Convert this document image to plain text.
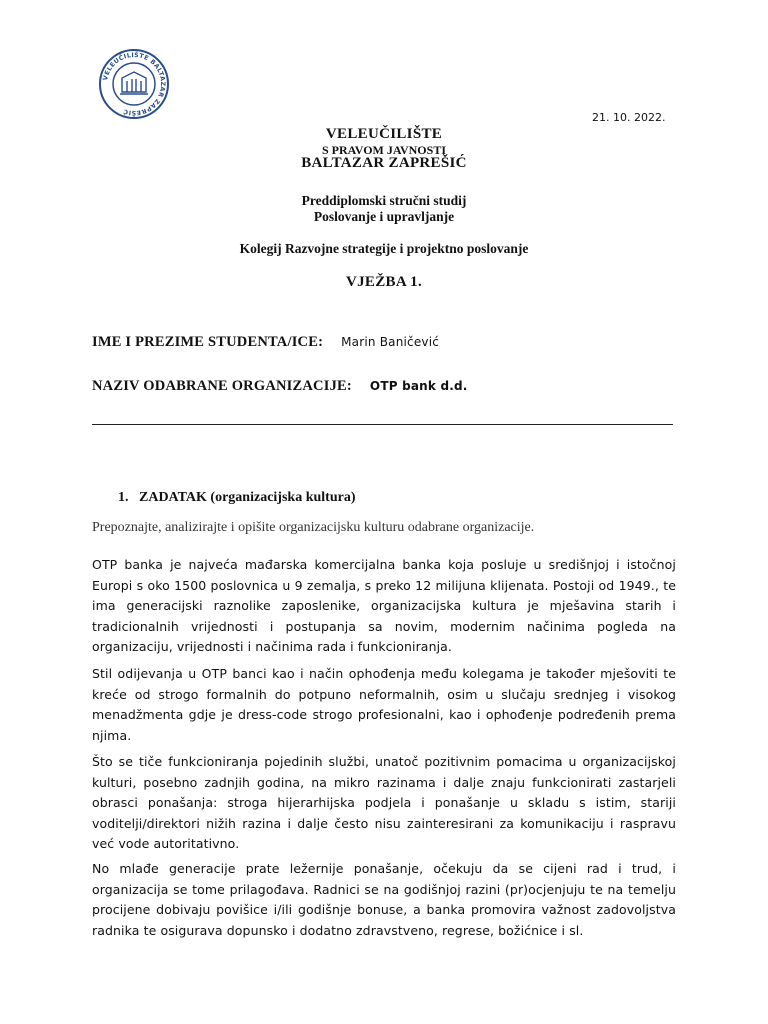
VELEUČILIŠTE BALTAZAR ZAPREŠIĆ	21. 10. 2022.
VELEUČILIŠTE
S PRAVOM JAVNOSTI
BALTAZAR ZAPREŠIĆ
Preddiplomski stručni studij
Poslovanje i upravljanje
Kolegij Razvojne strategije i projektno poslovanje
VJEŽBA 1.
IME I PREZIME STUDENTA/ICE: Marin Baničević
NAZIV ODABRANE ORGANIZACIJE: OTP bank d.d.
1. ZADATAK (organizacijska kultura)
Prepoznajte, analizirajte i opišite organizacijsku kulturu odabrane organizacije.
OTP banka je najveća mađarska komercijalna banka koja posluje u središnjoj i istočnoj Europi s oko 1500 poslovnica u 9 zemalja, s preko 12 milijuna klijenata. Postoji od 1949., te ima generacijski raznolike zaposlenike, organizacijska kultura je mješavina starih i tradicionalnih vrijednosti i postupanja sa novim, modernim načinima pogleda na organizaciju, vrijednosti i načinima rada i funkcioniranja.
Stil odijevanja u OTP banci kao i način ophođenja među kolegama je također mješoviti te kreće od strogo formalnih do potpuno neformalnih, osim u slučaju srednjeg i visokog menadžmenta gdje je dress-code strogo profesionalni, kao i ophođenje podređenih prema njima.
Što se tiče funkcioniranja pojedinih službi, unatoč pozitivnim pomacima u organizacijskoj kulturi, posebno zadnjih godina, na mikro razinama i dalje znaju funkcionirati zastarjeli obrasci ponašanja: stroga hijerarhijska podjela i ponašanje u skladu s istim, stariji voditelji/direktori nižih razina i dalje često nisu zainteresirani za komunikaciju i raspravu već vode autoritativno.
No mlađe generacije prate ležernije ponašanje, očekuju da se cijeni rad i trud, i organizacija se tome prilagođava. Radnici se na godišnjoj razini (pr)ocjenjuju te na temelju procijene dobivaju povišice i/ili godišnje bonuse, a banka promovira važnost zadovoljstva radnika te osigurava dopunsko i dodatno zdravstveno, regrese, božićnice i sl.
